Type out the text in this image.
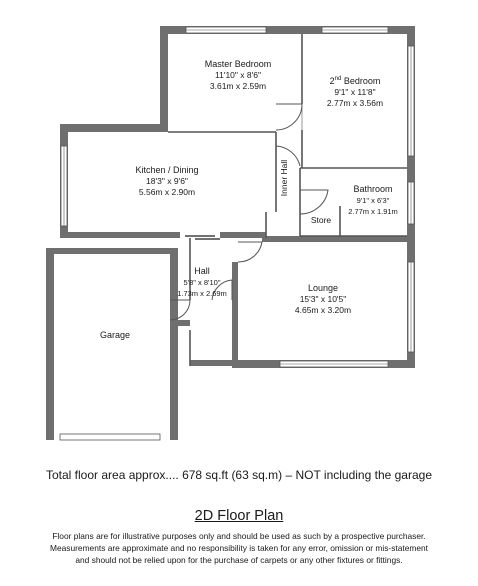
Master Bedroom
11'10" x 8'6"
3.61m x 2.59m	2nd Bedroom
9'1" x 11'8"
2.77m x 3.56m
Kitchen / Dining
18'3" x 9'6"
5.56m x 2.90m	Inner Hall	Bathroom
9'1" x 6'3"
2.77m x 1.91m
Store
Hall
5'8" x 8'10"
1.73m x 2.69m
Lounge
15'3" x 10'5"
4.65m x 3.20m
Garage
Total floor area approx.... 678 sq.ft (63 sq.m) – NOT including the garage
2D Floor Plan
Floor plans are for illustrative purposes only and should be used as such by a prospective purchaser.
Measurements are approximate and no responsibility is taken for any error, omission or mis-statement
and should not be relied upon for the purchase of carpets or any other fixtures or fittings.
